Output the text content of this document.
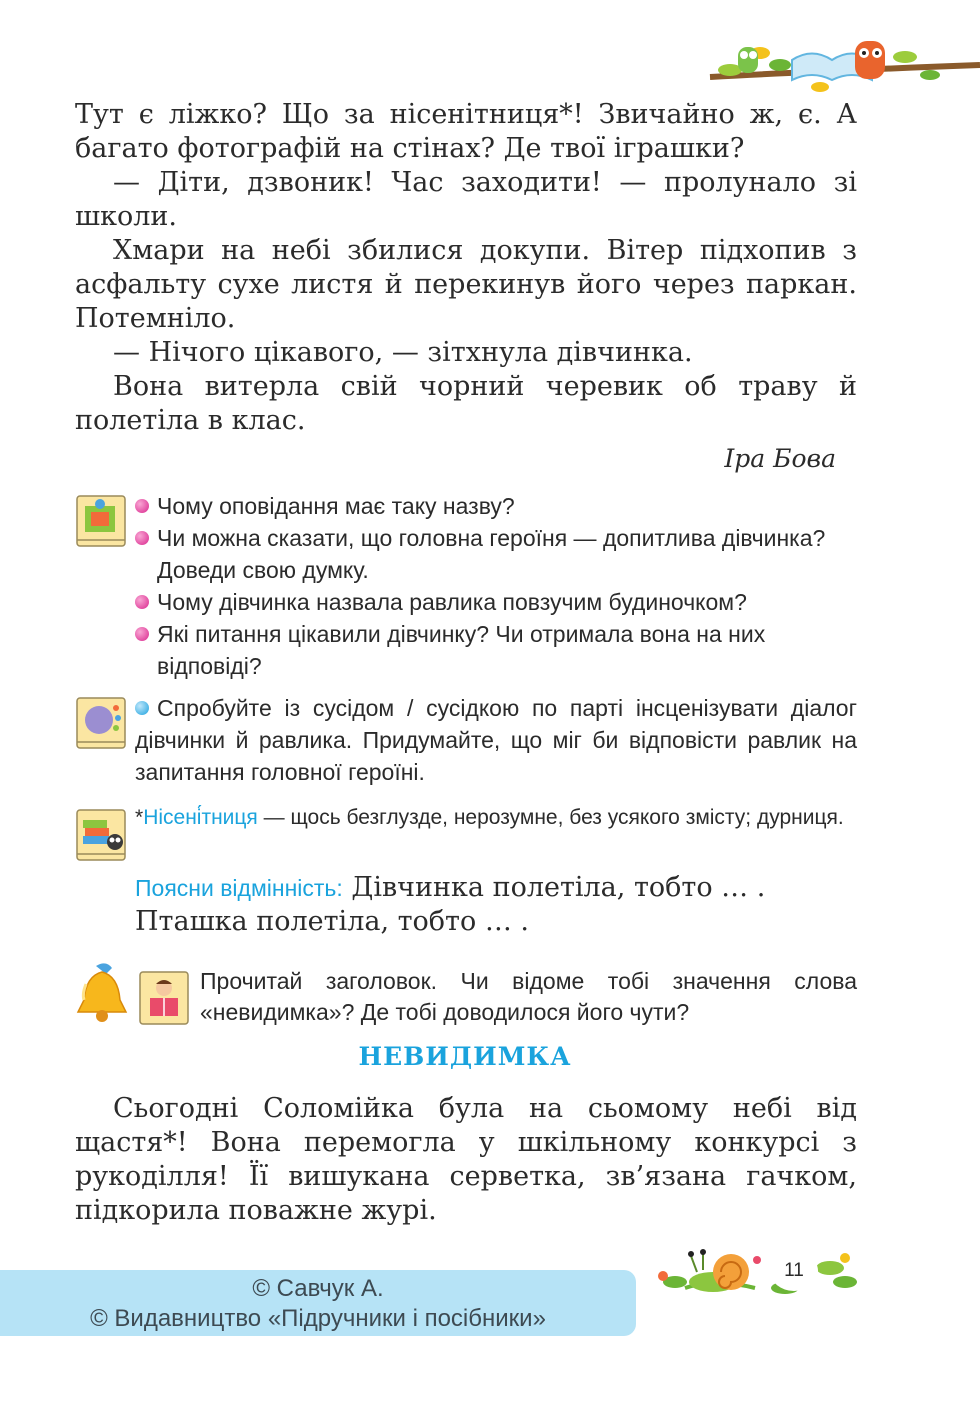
Тут є ліжко? Що за нісенітниця*! Звичайно ж, є. А багато фотографій на стінах? Де твої іграшки?

— Діти, дзвоник! Час заходити! — пролунало зі школи.

Хмари на небі збилися докупи. Вітер підхопив з асфальту сухе листя й перекинув його через паркан. Потемніло.

— Нічого цікавого, — зітхнула дівчинка.

Вона витерла свій чорний черевик об траву й полетіла в клас.

Іра Бова
Чому оповідання має таку назву?
Чи можна сказати, що головна героїня — допитлива дівчинка? Доведи свою думку.
Чому дівчинка назвала равлика повзучим будиночком?
Які питання цікавили дівчинку? Чи отримала вона на них відповіді?
Спробуйте із сусідом / сусідкою по парті інсценізувати діалог дівчинки й равлика. Придумайте, що міг би відповісти равлик на запитання головної героїні.
*Нісені́тниця — щось безглузде, нерозумне, без усякого змісту; дурниця.
Поясни відмінність: Дівчинка полетіла, тобто … .
Пташка полетіла, тобто … .
Прочитай заголовок. Чи відоме тобі значення слова «невидимка»? Де тобі доводилося його чути?
НЕВИДИМКА

Сьогодні Соломійка була на сьомому небі від щастя*! Вона перемогла у шкільному конкурсі з рукоділля! Її вишукана серветка, зв’язана гачком, підкорила поважне журі.

11
© Савчук А.
© Видавництво «Підручники і посібники»
